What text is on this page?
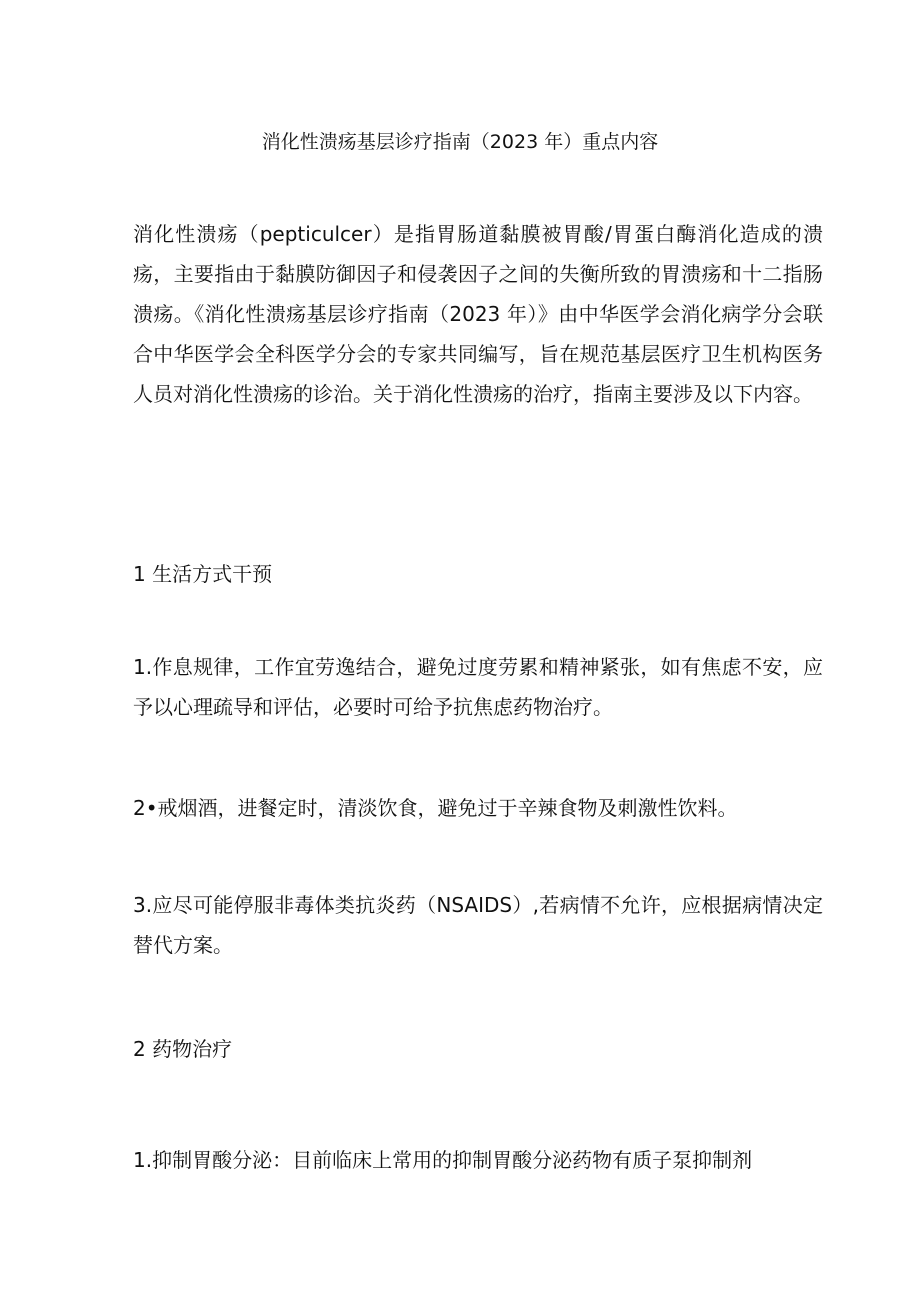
消化性溃疡基层诊疗指南（2023 年）重点内容

消化性溃疡（pepticulcer）是指胃肠道黏膜被胃酸/胃蛋白酶消化造成的溃疡，主要指由于黏膜防御因子和侵袭因子之间的失衡所致的胃溃疡和十二指肠溃疡。《消化性溃疡基层诊疗指南（2023 年）》由中华医学会消化病学分会联合中华医学会全科医学分会的专家共同编写，旨在规范基层医疗卫生机构医务人员对消化性溃疡的诊治。关于消化性溃疡的治疗，指南主要涉及以下内容。

1 生活方式干预

1.作息规律，工作宜劳逸结合，避免过度劳累和精神紧张，如有焦虑不安，应予以心理疏导和评估，必要时可给予抗焦虑药物治疗。

2•戒烟酒，进餐定时，清淡饮食，避免过于辛辣食物及刺激性饮料。

3.应尽可能停服非毒体类抗炎药（NSAIDS）,若病情不允许，应根据病情决定替代方案。

2 药物治疗

1.抑制胃酸分泌：目前临床上常用的抑制胃酸分泌药物有质子泵抑制剂
